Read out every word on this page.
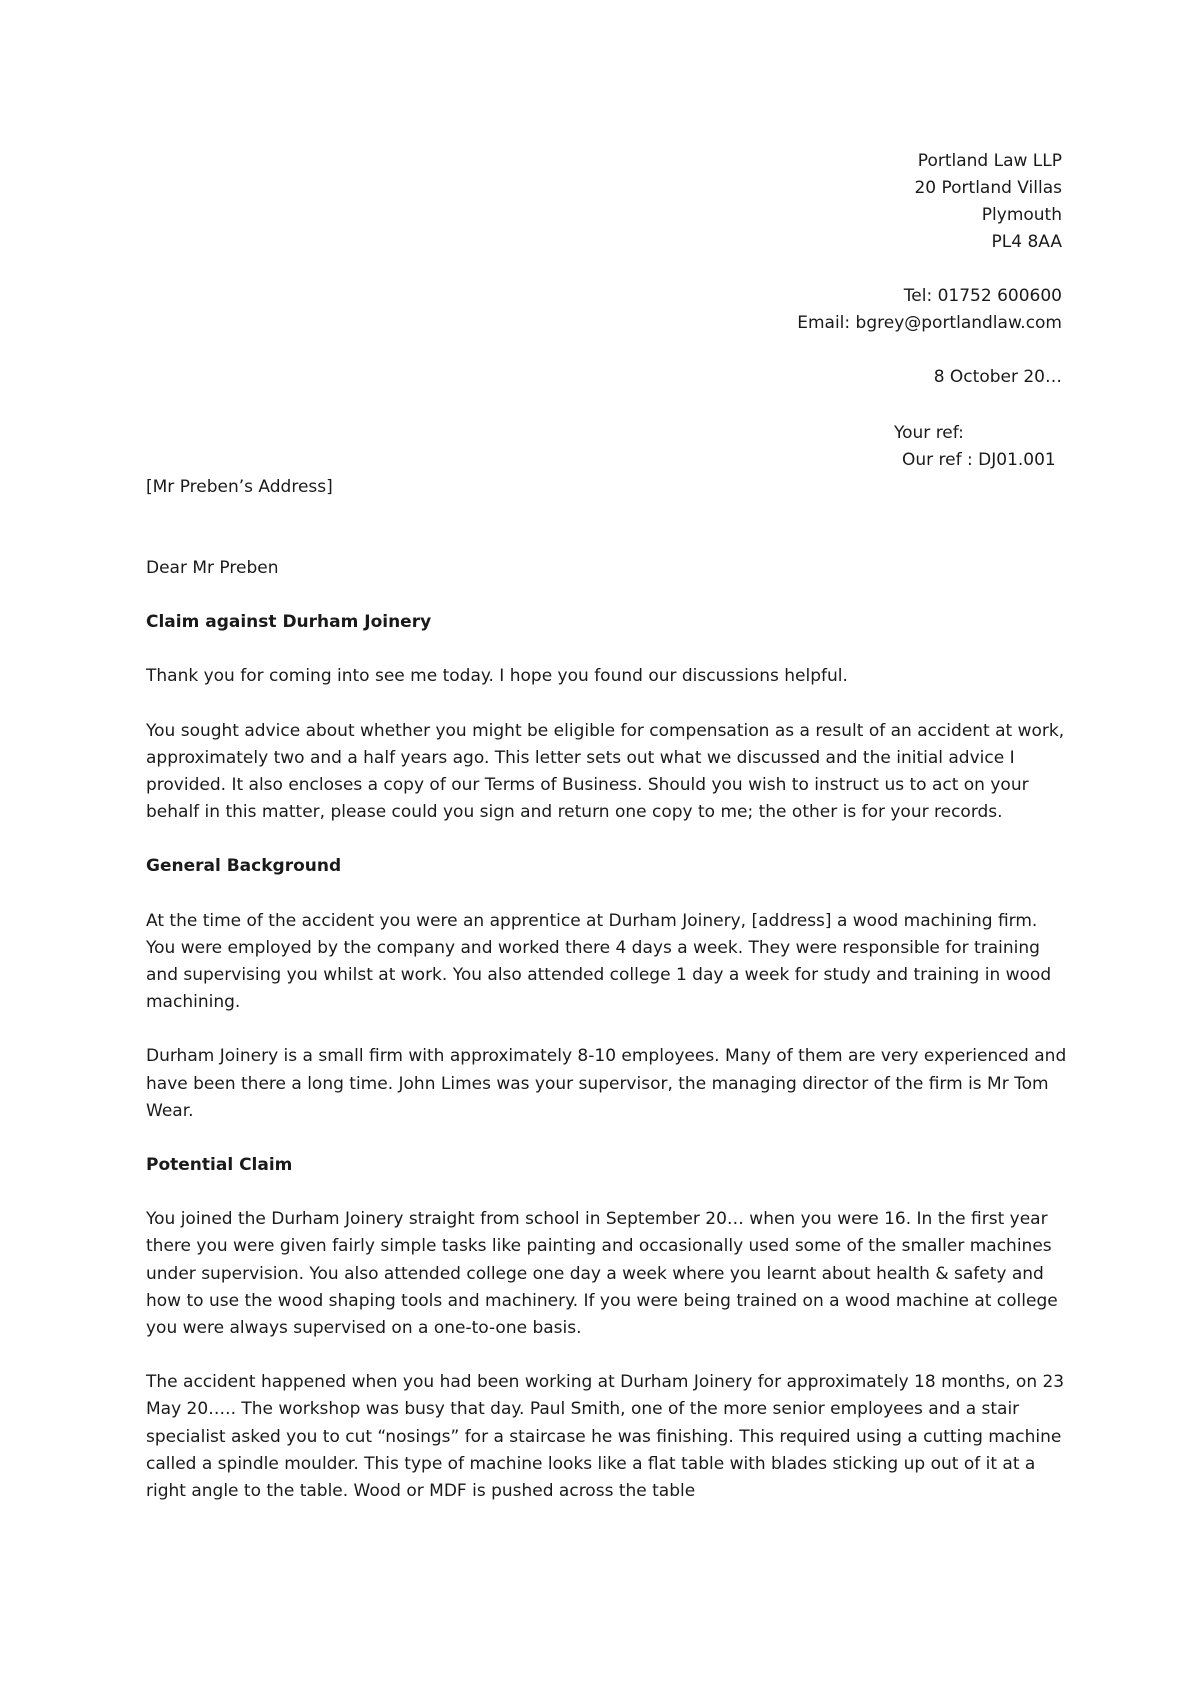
Portland Law LLP
20 Portland Villas
Plymouth
PL4 8AA
Tel: 01752 600600
Email: bgrey@portlandlaw.com
8 October 20…
Your ref:
Our ref : DJ01.001
[Mr Preben’s Address]

Dear Mr Preben

Claim against Durham Joinery

Thank you for coming into see me today. I hope you found our discussions helpful.

You sought advice about whether you might be eligible for compensation as a result of an accident at work, approximately two and a half years ago. This letter sets out what we discussed and the initial advice I provided. It also encloses a copy of our Terms of Business. Should you wish to instruct us to act on your behalf in this matter, please could you sign and return one copy to me; the other is for your records.

General Background

At the time of the accident you were an apprentice at Durham Joinery, [address] a wood machining firm. You were employed by the company and worked there 4 days a week. They were responsible for training and supervising you whilst at work. You also attended college 1 day a week for study and training in wood machining.

Durham Joinery is a small firm with approximately 8-10 employees. Many of them are very experienced and have been there a long time. John Limes was your supervisor, the managing director of the firm is Mr Tom Wear.

Potential Claim

You joined the Durham Joinery straight from school in September 20… when you were 16. In the first year there you were given fairly simple tasks like painting and occasionally used some of the smaller machines under supervision. You also attended college one day a week where you learnt about health & safety and how to use the wood shaping tools and machinery. If you were being trained on a wood machine at college you were always supervised on a one-to-one basis.

The accident happened when you had been working at Durham Joinery for approximately 18 months, on 23 May 20….. The workshop was busy that day. Paul Smith, one of the more senior employees and a stair specialist asked you to cut “nosings” for a staircase he was finishing. This required using a cutting machine called a spindle moulder. This type of machine looks like a flat table with blades sticking up out of it at a right angle to the table. Wood or MDF is pushed across the table
